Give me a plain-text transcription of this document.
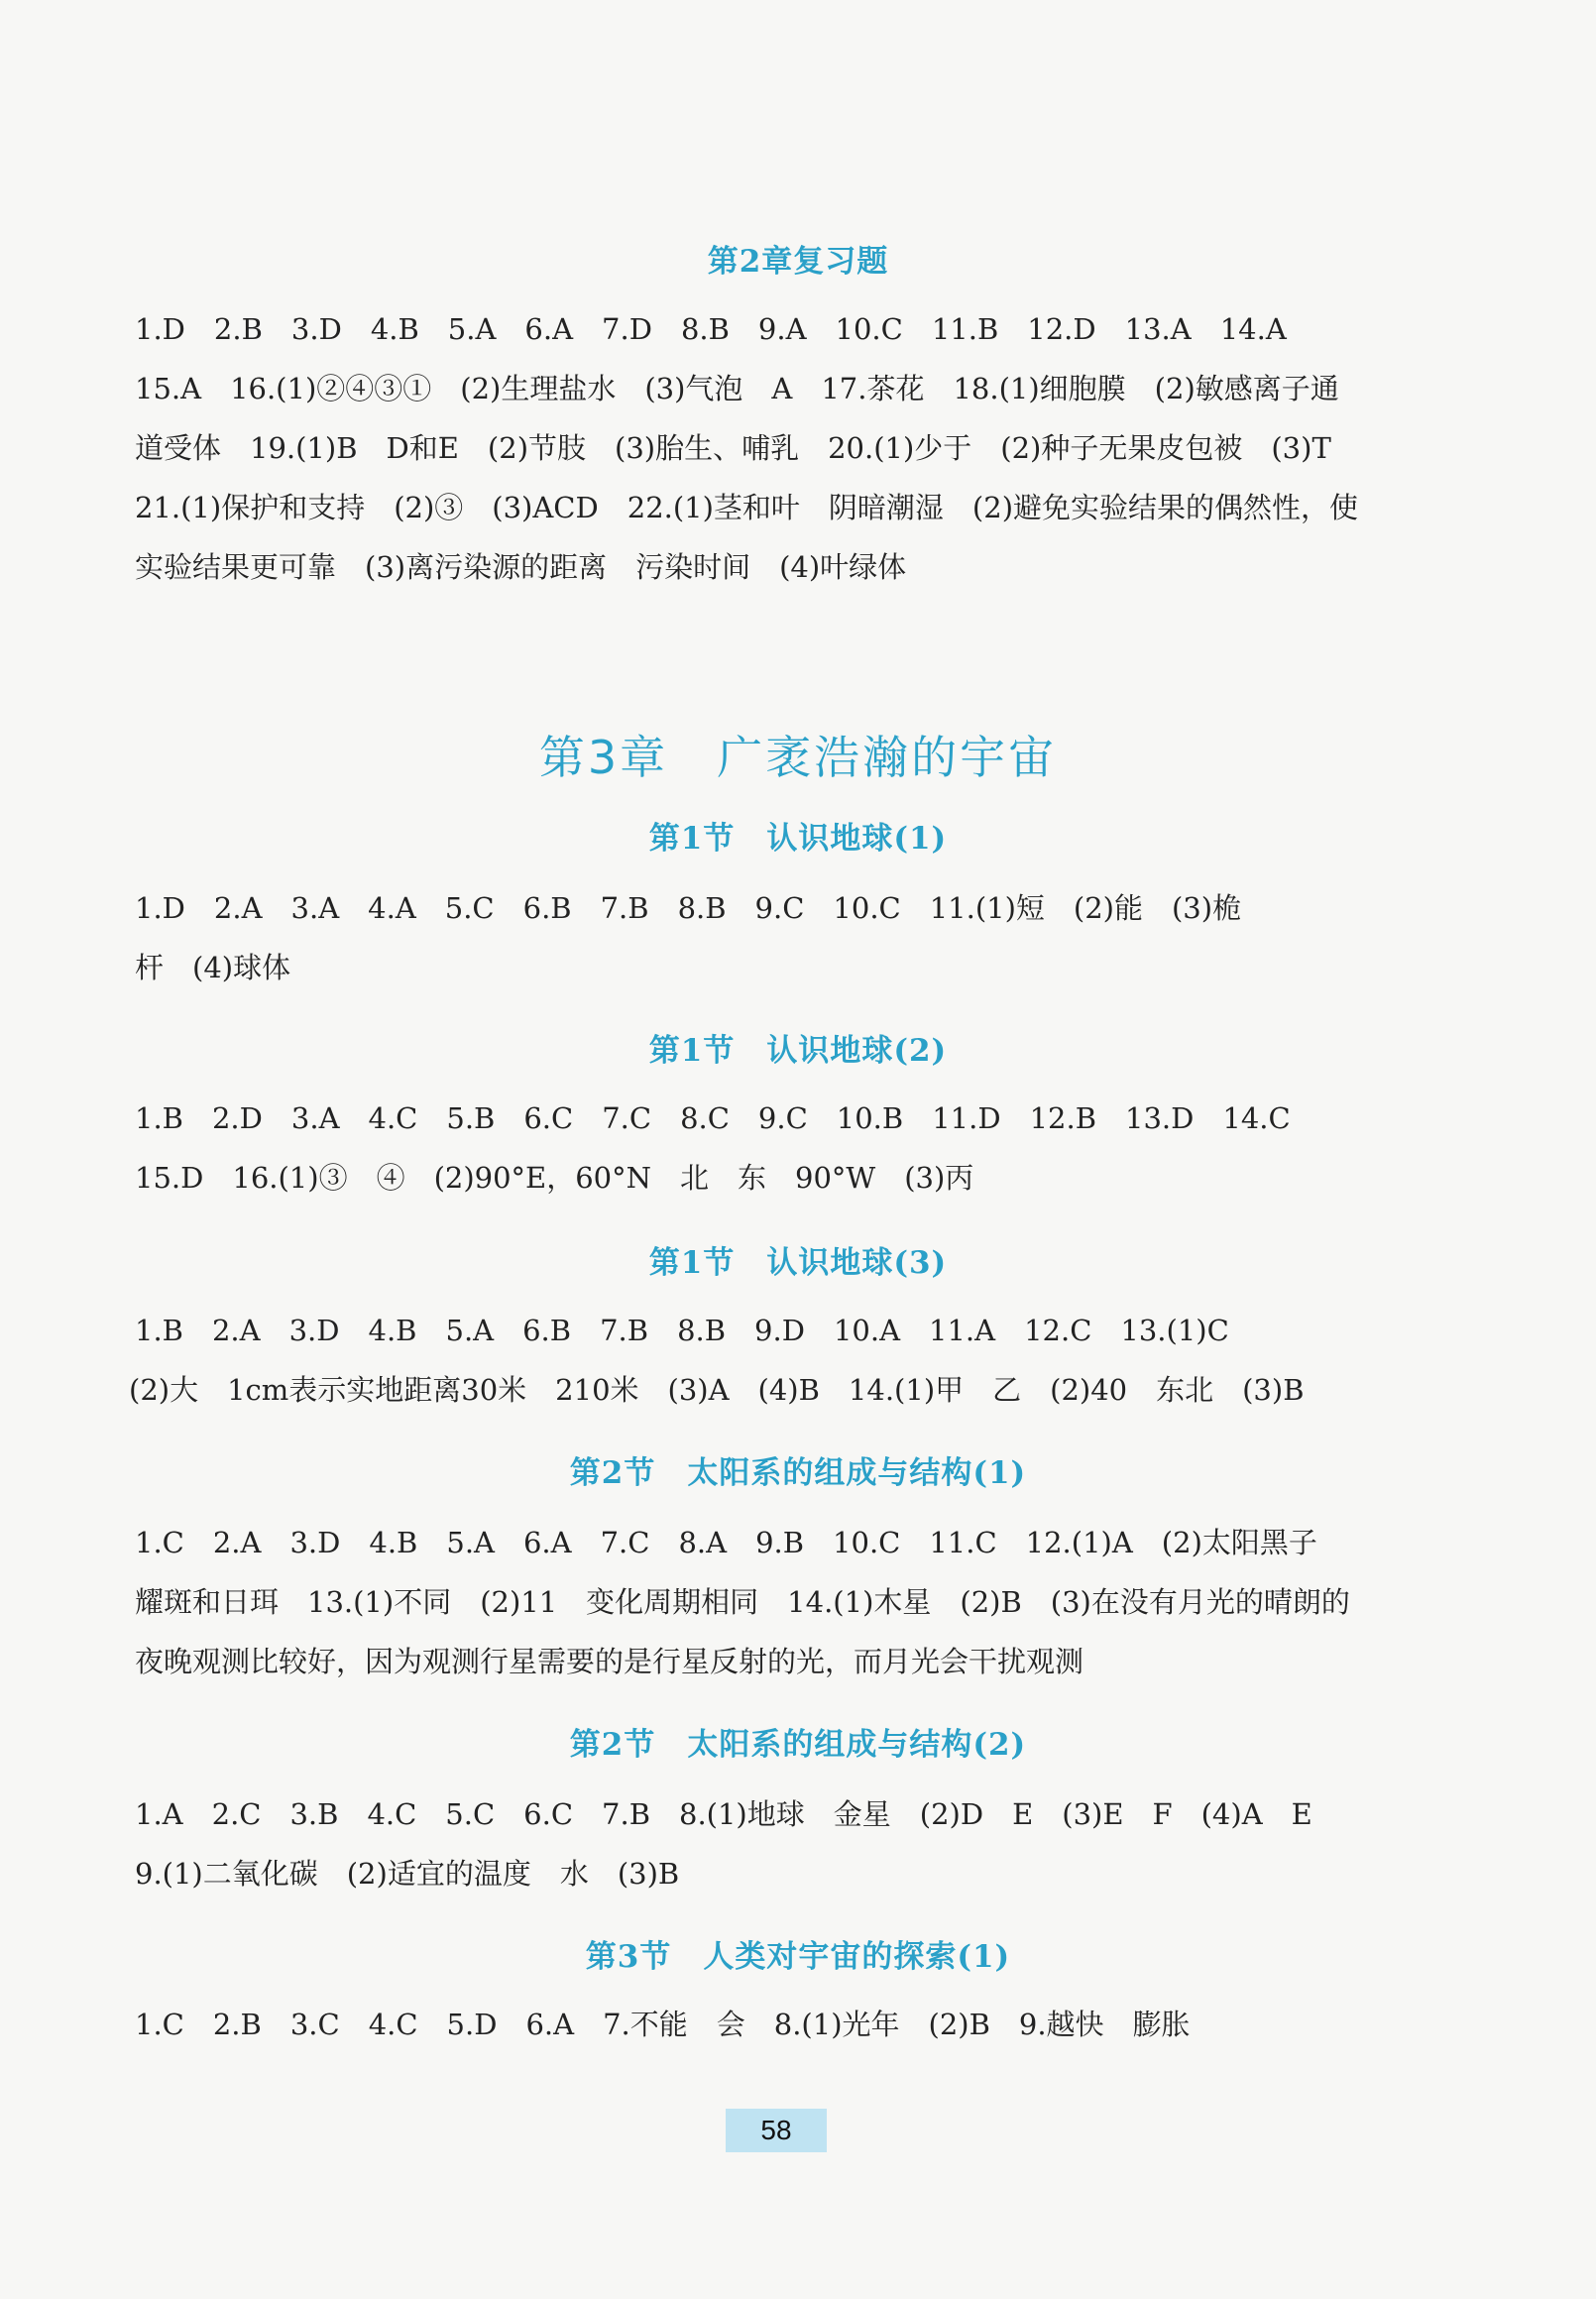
第2章复习题
1.D　2.B　3.D　4.B　5.A　6.A　7.D　8.B　9.A　10.C　11.B　12.D　13.A　14.A
15.A　16.(1)②④③①　(2)生理盐水　(3)气泡　A　17.茶花　18.(1)细胞膜　(2)敏感离子通
道受体　19.(1)B　D和E　(2)节肢　(3)胎生、哺乳　20.(1)少于　(2)种子无果皮包被　(3)T
21.(1)保护和支持　(2)③　(3)ACD　22.(1)茎和叶　阴暗潮湿　(2)避免实验结果的偶然性，使
实验结果更可靠　(3)离污染源的距离　污染时间　(4)叶绿体
第3章　广袤浩瀚的宇宙
第1节　认识地球(1)
1.D　2.A　3.A　4.A　5.C　6.B　7.B　8.B　9.C　10.C　11.(1)短　(2)能　(3)桅
杆　(4)球体
第1节　认识地球(2)
1.B　2.D　3.A　4.C　5.B　6.C　7.C　8.C　9.C　10.B　11.D　12.B　13.D　14.C
15.D　16.(1)③　④　(2)90°E，60°N　北　东　90°W　(3)丙
第1节　认识地球(3)
1.B　2.A　3.D　4.B　5.A　6.B　7.B　8.B　9.D　10.A　11.A　12.C　13.(1)C
(2)大　1cm表示实地距离30米　210米　(3)A　(4)B　14.(1)甲　乙　(2)40　东北　(3)B
第2节　太阳系的组成与结构(1)
1.C　2.A　3.D　4.B　5.A　6.A　7.C　8.A　9.B　10.C　11.C　12.(1)A　(2)太阳黑子
耀斑和日珥　13.(1)不同　(2)11　变化周期相同　14.(1)木星　(2)B　(3)在没有月光的晴朗的
夜晚观测比较好，因为观测行星需要的是行星反射的光，而月光会干扰观测
第2节　太阳系的组成与结构(2)
1.A　2.C　3.B　4.C　5.C　6.C　7.B　8.(1)地球　金星　(2)D　E　(3)E　F　(4)A　E
9.(1)二氧化碳　(2)适宜的温度　水　(3)B
第3节　人类对宇宙的探索(1)
1.C　2.B　3.C　4.C　5.D　6.A　7.不能　会　8.(1)光年　(2)B　9.越快　膨胀
58
